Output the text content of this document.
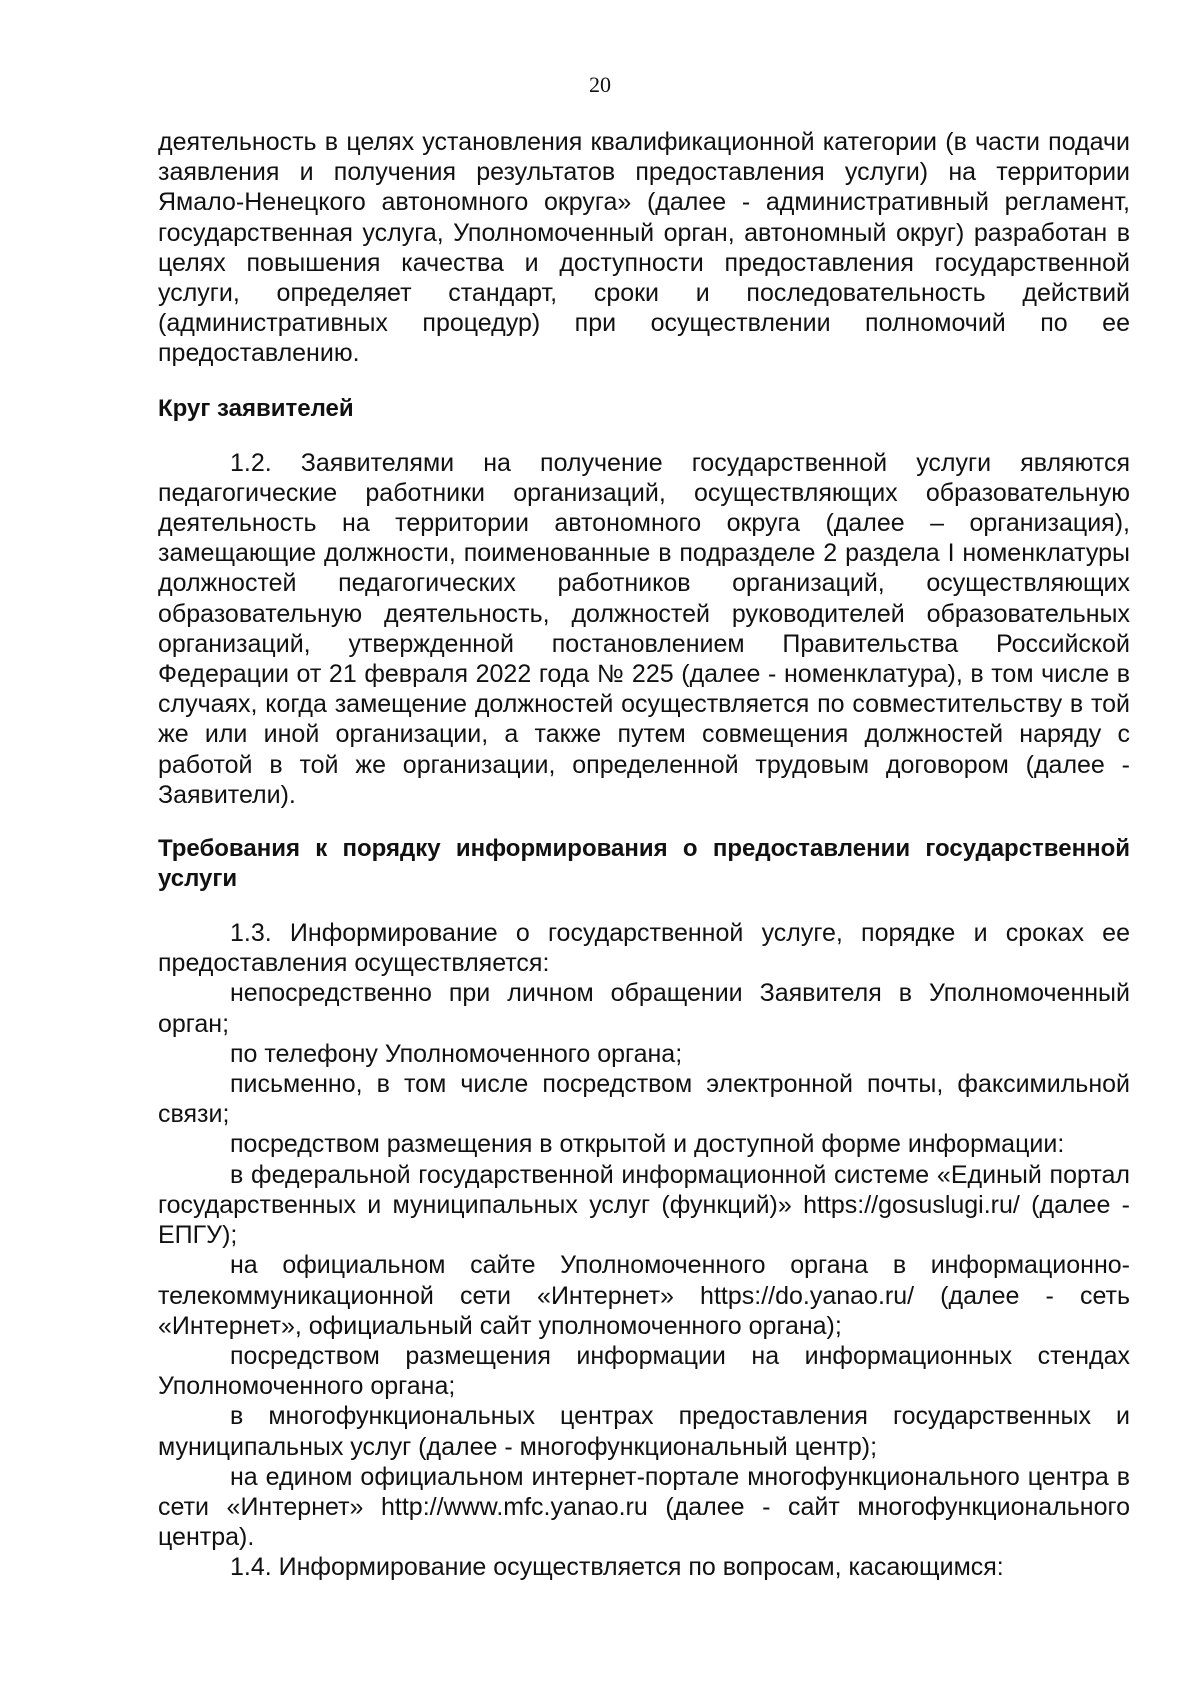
20

деятельность в целях установления квалификационной категории (в части подачи заявления и получения результатов предоставления услуги) на территории Ямало-Ненецкого автономного округа» (далее - административный регламент, государственная услуга, Уполномоченный орган, автономный округ) разработан в целях повышения качества и доступности предоставления государственной услуги, определяет стандарт, сроки и последовательность действий (административных процедур) при осуществлении полномочий по ее предоставлению.

Круг заявителей

1.2. Заявителями на получение государственной услуги являются педагогические работники организаций, осуществляющих образовательную деятельность на территории автономного округа (далее – организация), замещающие должности, поименованные в подразделе 2 раздела I номенклатуры должностей педагогических работников организаций, осуществляющих образовательную деятельность, должностей руководителей образовательных организаций, утвержденной постановлением Правительства Российской Федерации от 21 февраля 2022 года № 225 (далее - номенклатура), в том числе в случаях, когда замещение должностей осуществляется по совместительству в той же или иной организации, а также путем совмещения должностей наряду с работой в той же организации, определенной трудовым договором (далее - Заявители).

Требования к порядку информирования о предоставлении государственной услуги

1.3. Информирование о государственной услуге, порядке и сроках ее предоставления осуществляется:

непосредственно при личном обращении Заявителя в Уполномоченный орган;

по телефону Уполномоченного органа;

письменно, в том числе посредством электронной почты, факсимильной связи;

посредством размещения в открытой и доступной форме информации:

в федеральной государственной информационной системе «Единый портал государственных и муниципальных услуг (функций)» https://gosuslugi.ru/ (далее - ЕПГУ);

на официальном сайте Уполномоченного органа в информационно-телекоммуникационной сети «Интернет» https://do.yanao.ru/ (далее - сеть «Интернет», официальный сайт уполномоченного органа);

посредством размещения информации на информационных стендах Уполномоченного органа;

в многофункциональных центрах предоставления государственных и муниципальных услуг (далее - многофункциональный центр);

на едином официальном интернет-портале многофункционального центра в сети «Интернет» http://www.mfc.yanao.ru (далее - сайт многофункционального центра).

1.4. Информирование осуществляется по вопросам, касающимся:
